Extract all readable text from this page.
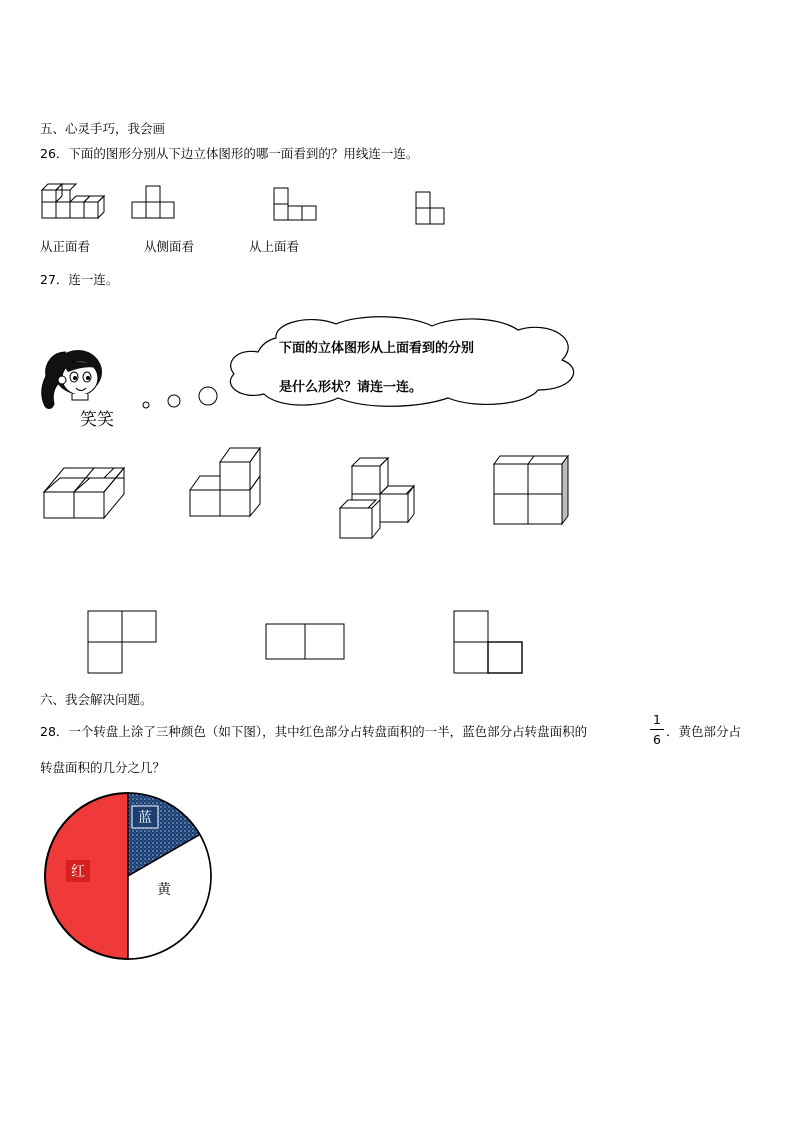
五、心灵手巧，我会画
26．下面的图形分别从下边立体图形的哪一面看到的？用线连一连。
从正面看	从侧面看	从上面看
27．连一连。
笑笑
下面的立体图形从上面看到的分别
是什么形状？请连一连。
六、我会解决问题。
28．一个转盘上涂了三种颜色（如下图），其中红色部分占转盘面积的一半，蓝色部分占转盘面积的
1
6
．黄色部分占
转盘面积的几分之几？
蓝
红
黄
